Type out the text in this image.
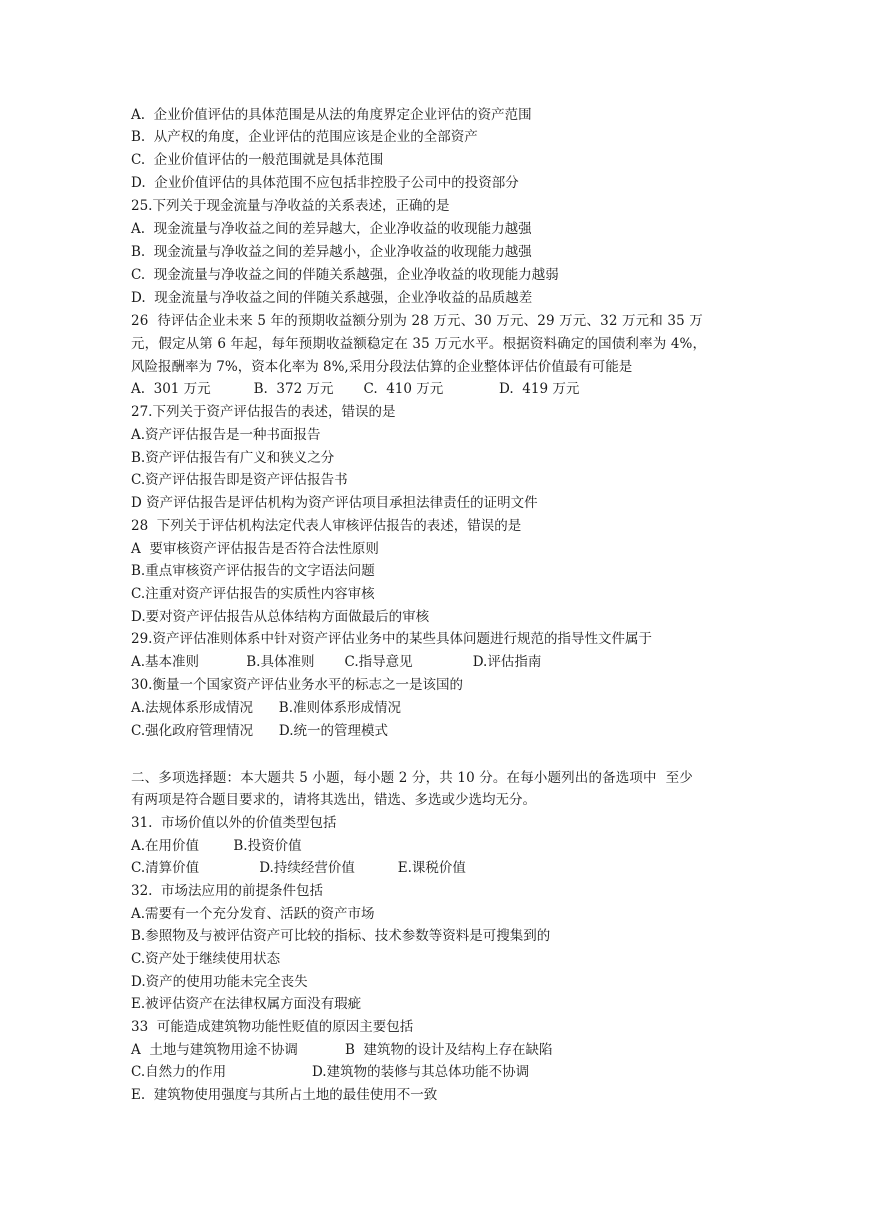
A.  企业价值评估的具体范围是从法的角度界定企业评估的资产范围
B.  从产权的角度，企业评估的范围应该是企业的全部资产
C.  企业价值评估的一般范围就是具体范围
D.  企业价值评估的具体范围不应包括非控股子公司中的投资部分
25.下列关于现金流量与净收益的关系表述，正确的是
A.  现金流量与净收益之间的差异越大，企业净收益的收现能力越强
B.  现金流量与净收益之间的差异越小，企业净收益的收现能力越强
C.  现金流量与净收益之间的伴随关系越强，企业净收益的收现能力越弱
D.  现金流量与净收益之间的伴随关系越强，企业净收益的品质越差
26  待评估企业未来 5 年的预期收益额分别为 28 万元、30 万元、29 万元、32 万元和 35 万
元，假定从第 6 年起，每年预期收益额稳定在 35 万元水平。根据资料确定的国债利率为 4%，
风险报酬率为 7%，资本化率为 8%,采用分段法估算的企业整体评估价值最有可能是
A.  301 万元          B.  372 万元       C.  410 万元             D.  419 万元
27.下列关于资产评估报告的表述，错误的是
A.资产评估报告是一种书面报告
B.资产评估报告有广义和狭义之分
C.资产评估报告即是资产评估报告书
D 资产评估报告是评估机构为资产评估项目承担法律责任的证明文件
28  下列关于评估机构法定代表人审核评估报告的表述，错误的是
A  要审核资产评估报告是否符合法性原则
B.重点审核资产评估报告的文字语法问题
C.注重对资产评估报告的实质性内容审核
D.要对资产评估报告从总体结构方面做最后的审核
29.资产评估准则体系中针对资产评估业务中的某些具体问题进行规范的指导性文件属于
A.基本准则           B.具体准则       C.指导意见              D.评估指南
30.衡量一个国家资产评估业务水平的标志之一是该国的
A.法规体系形成情况      B.准则体系形成情况
C.强化政府管理情况      D.统一的管理模式
二、多项选择题：本大题共 5 小题，每小题 2 分，共 10 分。在每小题列出的备选项中  至少
有两项是符合题目要求的，请将其选出，错选、多选或少选均无分。
31.  市场价值以外的价值类型包括
A.在用价值        B.投资价值
C.清算价值              D.持续经营价值          E.课税价值
32.  市场法应用的前提条件包括
A.需要有一个充分发育、活跃的资产市场
B.参照物及与被评估资产可比较的指标、技术参数等资料是可搜集到的
C.资产处于继续使用状态
D.资产的使用功能未完全丧失
E.被评估资产在法律权属方面没有瑕疵
33  可能造成建筑物功能性贬值的原因主要包括
A  土地与建筑物用途不协调           B  建筑物的设计及结构上存在缺陷
C.自然力的作用                    D.建筑物的装修与其总体功能不协调
E.  建筑物使用强度与其所占土地的最佳使用不一致
